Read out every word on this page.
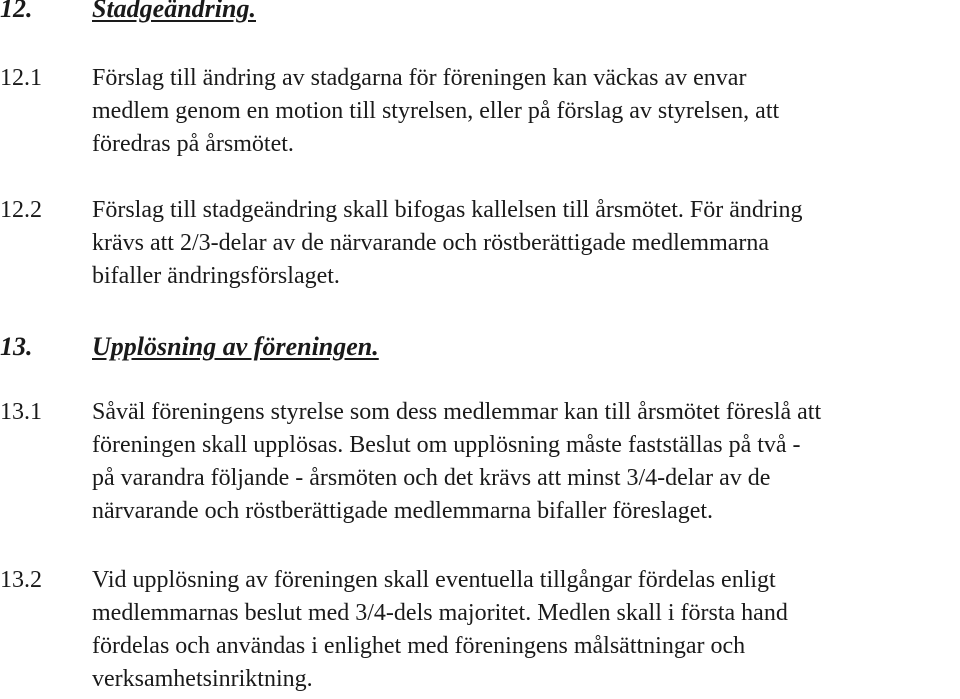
12. Stadgeändring.
12.1 Förslag till ändring av stadgarna för föreningen kan väckas av envar
medlem genom en motion till styrelsen, eller på förslag av styrelsen, att
föredras på årsmötet.
12.2 Förslag till stadgeändring skall bifogas kallelsen till årsmötet. För ändring
krävs att 2/3-delar av de närvarande och röstberättigade medlemmarna
bifaller ändringsförslaget.
13. Upplösning av föreningen.
13.1 Såväl föreningens styrelse som dess medlemmar kan till årsmötet föreslå att
föreningen skall upplösas. Beslut om upplösning måste fastställas på två -
på varandra följande - årsmöten och det krävs att minst 3/4-delar av de
närvarande och röstberättigade medlemmarna bifaller föreslaget.
13.2 Vid upplösning av föreningen skall eventuella tillgångar fördelas enligt
medlemmarnas beslut med 3/4-dels majoritet. Medlen skall i första hand
fördelas och användas i enlighet med föreningens målsättningar och
verksamhetsinriktning.
